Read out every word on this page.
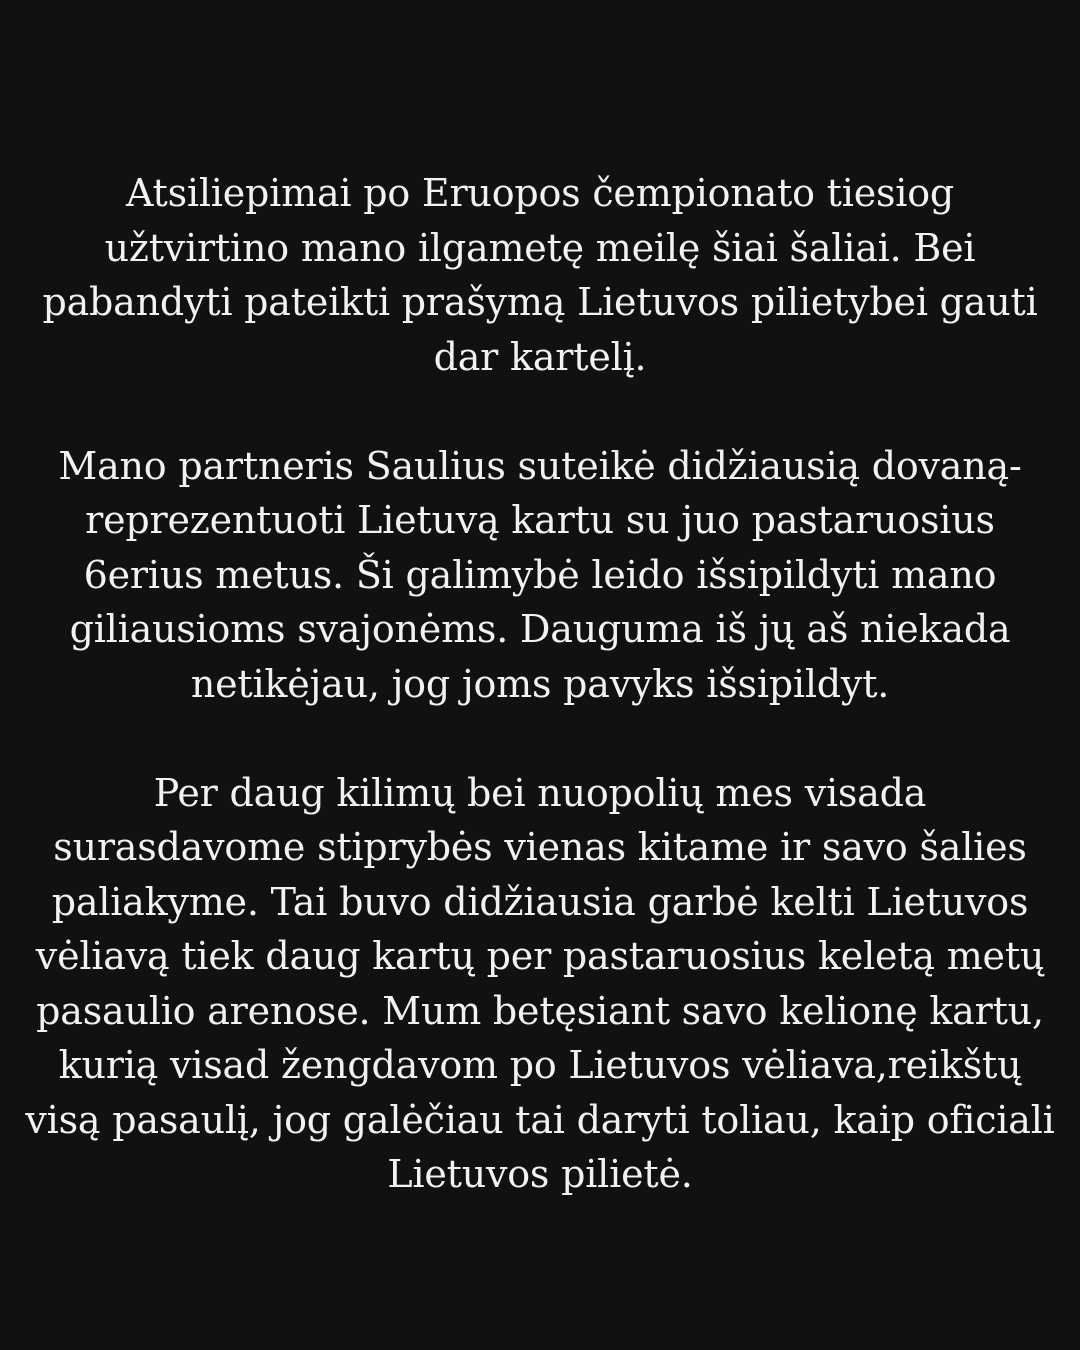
Atsiliepimai po Eruopos čempionato tiesiog
užtvirtino mano ilgametę meilę šiai šaliai. Bei
pabandyti pateikti prašymą Lietuvos pilietybei gauti
dar kartelį.

Mano partneris Saulius suteikė didžiausią dovaną-
reprezentuoti Lietuvą kartu su juo pastaruosius
6erius metus. Ši galimybė leido išsipildyti mano
giliausioms svajonėms. Dauguma iš jų aš niekada
netikėjau, jog joms pavyks išsipildyt.

Per daug kilimų bei nuopolių mes visada
surasdavome stiprybės vienas kitame ir savo šalies
paliakyme. Tai buvo didžiausia garbė kelti Lietuvos
vėliavą tiek daug kartų per pastaruosius keletą metų
pasaulio arenose. Mum betęsiant savo kelionę kartu,
kurią visad žengdavom po Lietuvos vėliava,reikštų
visą pasaulį, jog galėčiau tai daryti toliau, kaip oficiali
Lietuvos pilietė.
